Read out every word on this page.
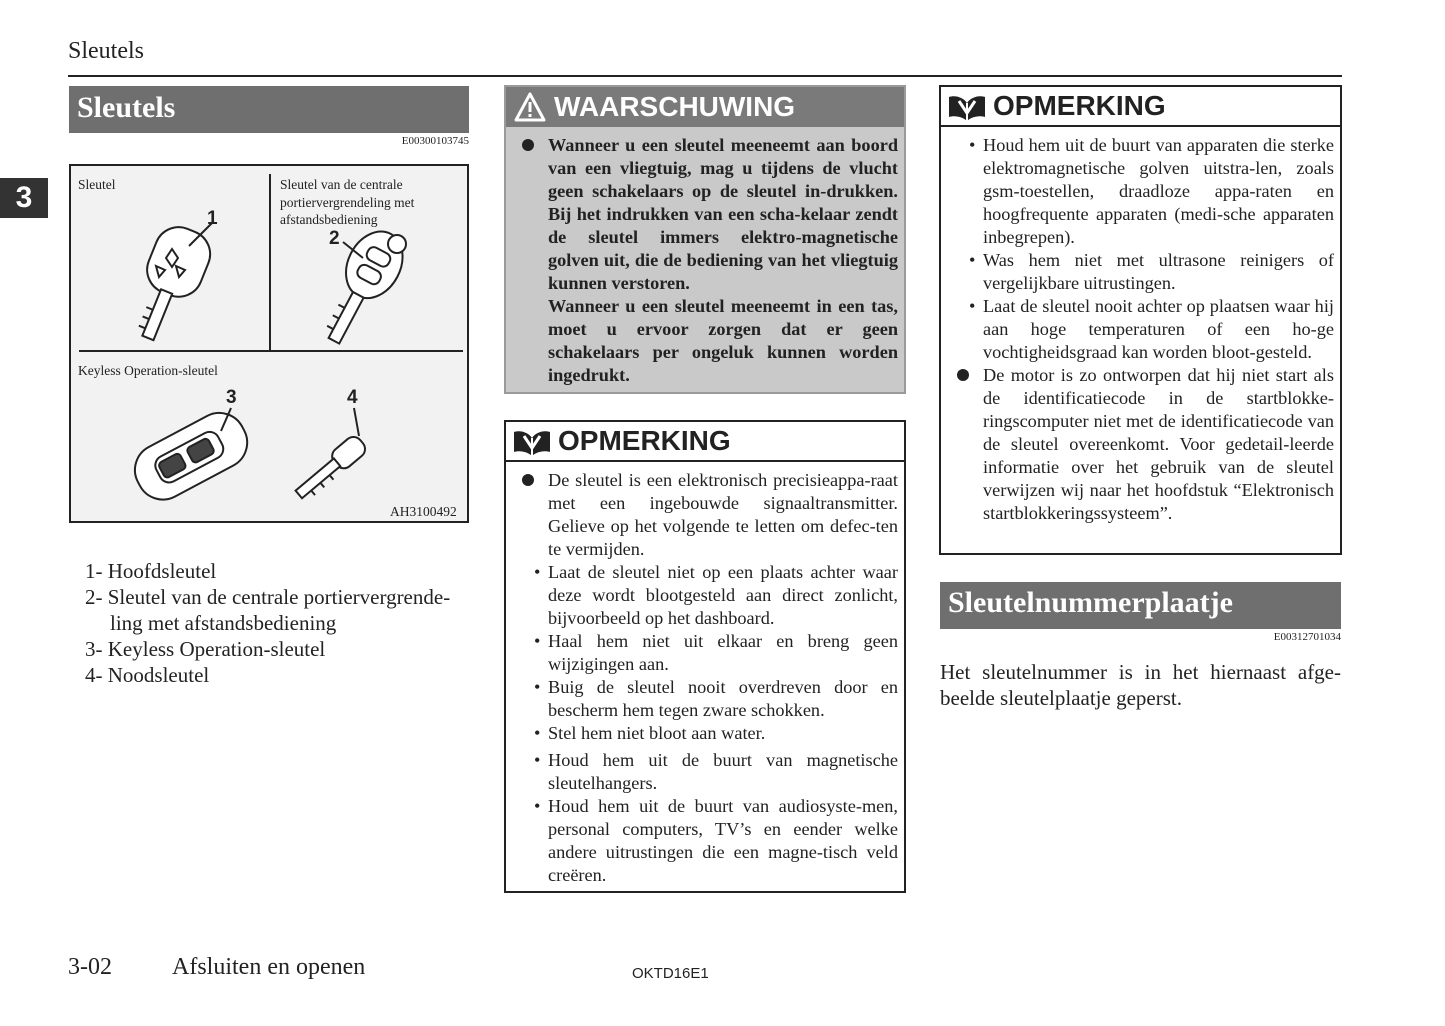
Sleutels
3
Sleutels
E00300103745
Sleutel	Sleutel van de centrale portiervergrendeling met afstandsbediening
Keyless Operation-sleutel
AH3100492
1
2
3	4
1- Hoofdsleutel
2- Sleutel van de centrale portiervergrende-
ling met afstandsbediening
3- Keyless Operation-sleutel
4- Noodsleutel
WAARSCHUWING
Wanneer u een sleutel meeneemt aan boord van een vliegtuig, mag u tijdens de vlucht geen schakelaars op de sleutel in-drukken. Bij het indrukken van een scha-kelaar zendt de sleutel immers elektro-magnetische golven uit, die de bediening van het vliegtuig kunnen verstoren.
Wanneer u een sleutel meeneemt in een tas, moet u ervoor zorgen dat er geen schakelaars per ongeluk kunnen worden ingedrukt.
OPMERKING
De sleutel is een elektronisch precisieappa-raat met een ingebouwde signaaltransmitter. Gelieve op het volgende te letten om defec-ten te vermijden.
• Laat de sleutel niet op een plaats achter waar deze wordt blootgesteld aan direct zonlicht, bijvoorbeeld op het dashboard.
• Haal hem niet uit elkaar en breng geen wijzigingen aan.
• Buig de sleutel nooit overdreven door en bescherm hem tegen zware schokken.
• Stel hem niet bloot aan water.
• Houd hem uit de buurt van magnetische sleutelhangers.
• Houd hem uit de buurt van audiosyste-men, personal computers, TV’s en eender welke andere uitrustingen die een magne-tisch veld creëren.
OPMERKING
• Houd hem uit de buurt van apparaten die sterke elektromagnetische golven uitstra-len, zoals gsm-toestellen, draadloze appa-raten en hoogfrequente apparaten (medi-sche apparaten inbegrepen).
• Was hem niet met ultrasone reinigers of vergelijkbare uitrustingen.
• Laat de sleutel nooit achter op plaatsen waar hij aan hoge temperaturen of een ho-ge vochtigheidsgraad kan worden bloot-gesteld.
De motor is zo ontworpen dat hij niet start als de identificatiecode in de startblokke-ringscomputer niet met de identificatiecode van de sleutel overeenkomt. Voor gedetail-leerde informatie over het gebruik van de sleutel verwijzen wij naar het hoofdstuk “Elektronisch startblokkeringssysteem”.
Sleutelnummerplaatje
E00312701034
Het sleutelnummer is in het hiernaast afge-beelde sleutelplaatje geperst.
3-02	Afsluiten en openen	OKTD16E1
